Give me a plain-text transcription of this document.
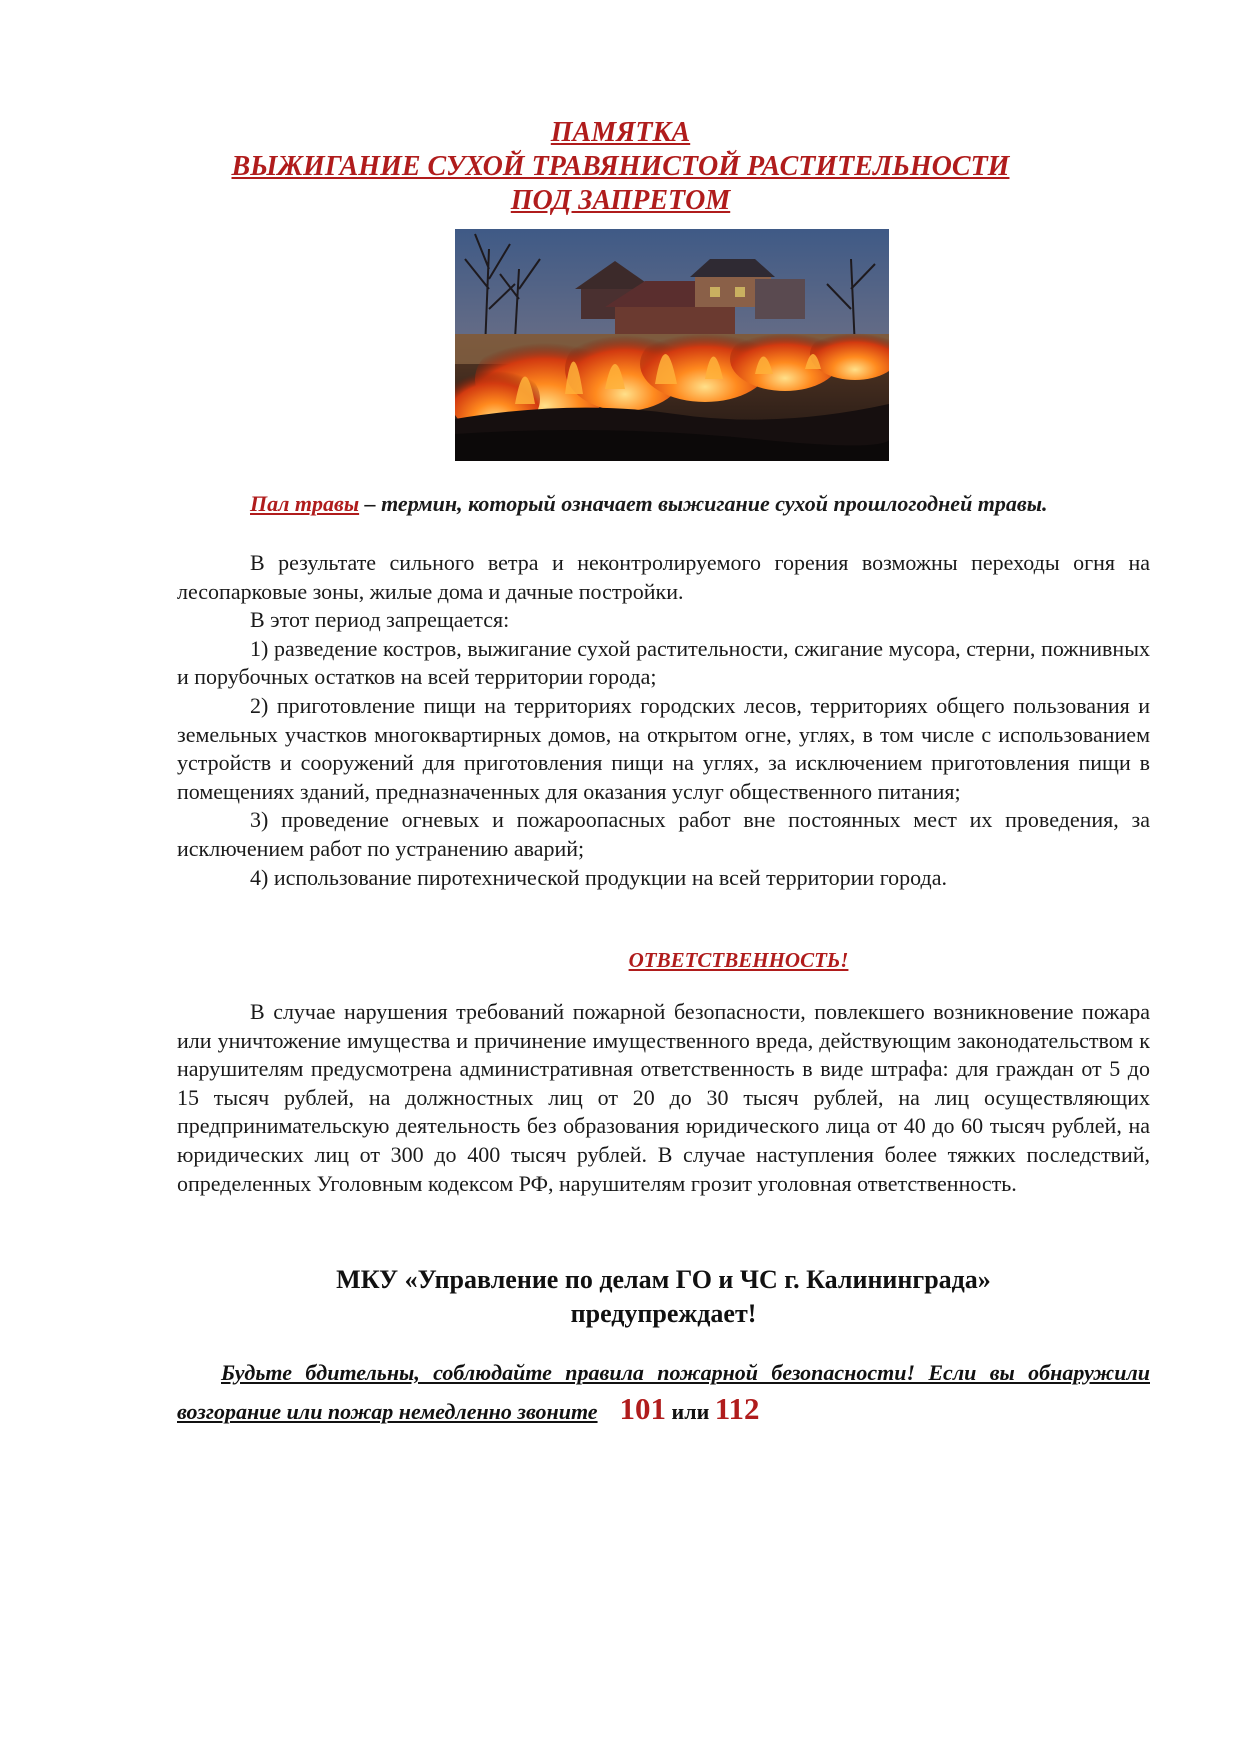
ПАМЯТКА
ВЫЖИГАНИЕ СУХОЙ ТРАВЯНИСТОЙ РАСТИТЕЛЬНОСТИ
ПОД ЗАПРЕТОМ
Пал травы – термин, который означает выжигание сухой прошлогодней травы.

В результате сильного ветра и неконтролируемого горения возможны переходы огня на лесопарковые зоны, жилые дома и дачные постройки.

В этот период запрещается:

1) разведение костров, выжигание сухой растительности, сжигание мусора, стерни, пожнивных и порубочных остатков на всей территории города;

2) приготовление пищи на территориях городских лесов, территориях общего пользования и земельных участков многоквартирных домов, на открытом огне, углях, в том числе с использованием устройств и сооружений для приготовления пищи на углях, за исключением приготовления пищи в помещениях зданий, предназначенных для оказания услуг общественного питания;

3) проведение огневых и пожароопасных работ вне постоянных мест их проведения, за исключением работ по устранению аварий;

4) использование пиротехнической продукции на всей территории города.

ОТВЕТСТВЕННОСТЬ!

В случае нарушения требований пожарной безопасности, повлекшего возникновение пожара или уничтожение имущества и причинение имущественного вреда, действующим законодательством к нарушителям предусмотрена административная ответственность в виде штрафа: для граждан от 5 до 15 тысяч рублей, на должностных лиц от 20 до 30 тысяч рублей, на лиц осуществляющих предпринимательскую деятельность без образования юридического лица от 40 до 60 тысяч рублей, на юридических лиц от 300 до 400 тысяч рублей. В случае наступления более тяжких последствий, определенных Уголовным кодексом РФ, нарушителям грозит уголовная ответственность.

МКУ «Управление по делам ГО и ЧС г. Калининграда»
предупреждает!
Будьте бдительны, соблюдайте правила пожарной безопасности! Если вы обнаружили возгорание или пожар немедленно звоните 101 или 112
